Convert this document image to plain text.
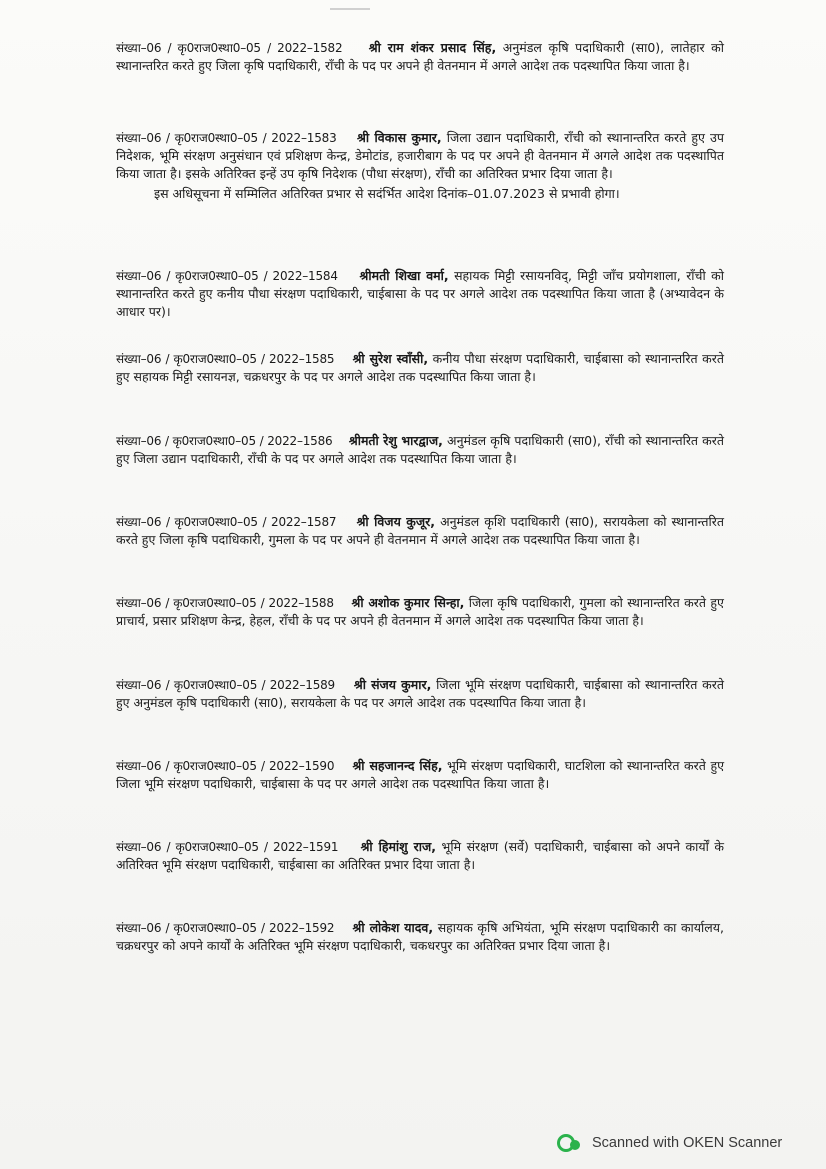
संख्या–06 / कृ0राज0स्था0–05 / 2022–1582 श्री राम शंकर प्रसाद सिंह, अनुमंडल कृषि पदाधिकारी (सा0), लातेहार को स्थानान्तरित करते हुए जिला कृषि पदाधिकारी, राँची के पद पर अपने ही वेतनमान में अगले आदेश तक पदस्थापित किया जाता है।

संख्या–06 / कृ0राज0स्था0–05 / 2022–1583 श्री विकास कुमार, जिला उद्यान पदाधिकारी, राँची को स्थानान्तरित करते हुए उप निदेशक, भूमि संरक्षण अनुसंधान एवं प्रशिक्षण केन्द्र, डेमोटांड, हजारीबाग के पद पर अपने ही वेतनमान में अगले आदेश तक पदस्थापित किया जाता है। इसके अतिरिक्त इन्हें उप कृषि निदेशक (पौधा संरक्षण), राँची का अतिरिक्त प्रभार दिया जाता है।

इस अधिसूचना में सम्मिलित अतिरिक्त प्रभार से सदंर्भित आदेश दिनांक–01.07.2023 से प्रभावी होगा।

संख्या–06 / कृ0राज0स्था0–05 / 2022–1584 श्रीमती शिखा वर्मा, सहायक मिट्टी रसायनविद्, मिट्टी जाँच प्रयोगशाला, राँची को स्थानान्तरित करते हुए कनीय पौधा संरक्षण पदाधिकारी, चाईबासा के पद पर अगले आदेश तक पदस्थापित किया जाता है (अभ्यावेदन के आधार पर)।

संख्या–06 / कृ0राज0स्था0–05 / 2022–1585 श्री सुरेश स्वाँसी, कनीय पौधा संरक्षण पदाधिकारी, चाईबासा को स्थानान्तरित करते हुए सहायक मिट्टी रसायनज्ञ, चक्रधरपुर के पद पर अगले आदेश तक पदस्थापित किया जाता है।

संख्या–06 / कृ0राज0स्था0–05 / 2022–1586 श्रीमती रेशु भारद्वाज, अनुमंडल कृषि पदाधिकारी (सा0), राँची को स्थानान्तरित करते हुए जिला उद्यान पदाधिकारी, राँची के पद पर अगले आदेश तक पदस्थापित किया जाता है।

संख्या–06 / कृ0राज0स्था0–05 / 2022–1587 श्री विजय कुजूर, अनुमंडल कृशि पदाधिकारी (सा0), सरायकेला को स्थानान्तरित करते हुए जिला कृषि पदाधिकारी, गुमला के पद पर अपने ही वेतनमान में अगले आदेश तक पदस्थापित किया जाता है।

संख्या–06 / कृ0राज0स्था0–05 / 2022–1588 श्री अशोक कुमार सिन्हा, जिला कृषि पदाधिकारी, गुमला को स्थानान्तरित करते हुए प्राचार्य, प्रसार प्रशिक्षण केन्द्र, हेहल, राँची के पद पर अपने ही वेतनमान में अगले आदेश तक पदस्थापित किया जाता है।

संख्या–06 / कृ0राज0स्था0–05 / 2022–1589 श्री संजय कुमार, जिला भूमि संरक्षण पदाधिकारी, चाईबासा को स्थानान्तरित करते हुए अनुमंडल कृषि पदाधिकारी (सा0), सरायकेला के पद पर अगले आदेश तक पदस्थापित किया जाता है।

संख्या–06 / कृ0राज0स्था0–05 / 2022–1590 श्री सहजानन्द सिंह, भूमि संरक्षण पदाधिकारी, घाटशिला को स्थानान्तरित करते हुए जिला भूमि संरक्षण पदाधिकारी, चाईबासा के पद पर अगले आदेश तक पदस्थापित किया जाता है।

संख्या–06 / कृ0राज0स्था0–05 / 2022–1591 श्री हिमांशु राज, भूमि संरक्षण (सर्वे) पदाधिकारी, चाईबासा को अपने कार्यों के अतिरिक्त भूमि संरक्षण पदाधिकारी, चाईबासा का अतिरिक्त प्रभार दिया जाता है।

संख्या–06 / कृ0राज0स्था0–05 / 2022–1592 श्री लोकेश यादव, सहायक कृषि अभियंता, भूमि संरक्षण पदाधिकारी का कार्यालय, चक्रधरपुर को अपने कार्यों के अतिरिक्त भूमि संरक्षण पदाधिकारी, चकधरपुर का अतिरिक्त प्रभार दिया जाता है।

Scanned with OKEN Scanner
